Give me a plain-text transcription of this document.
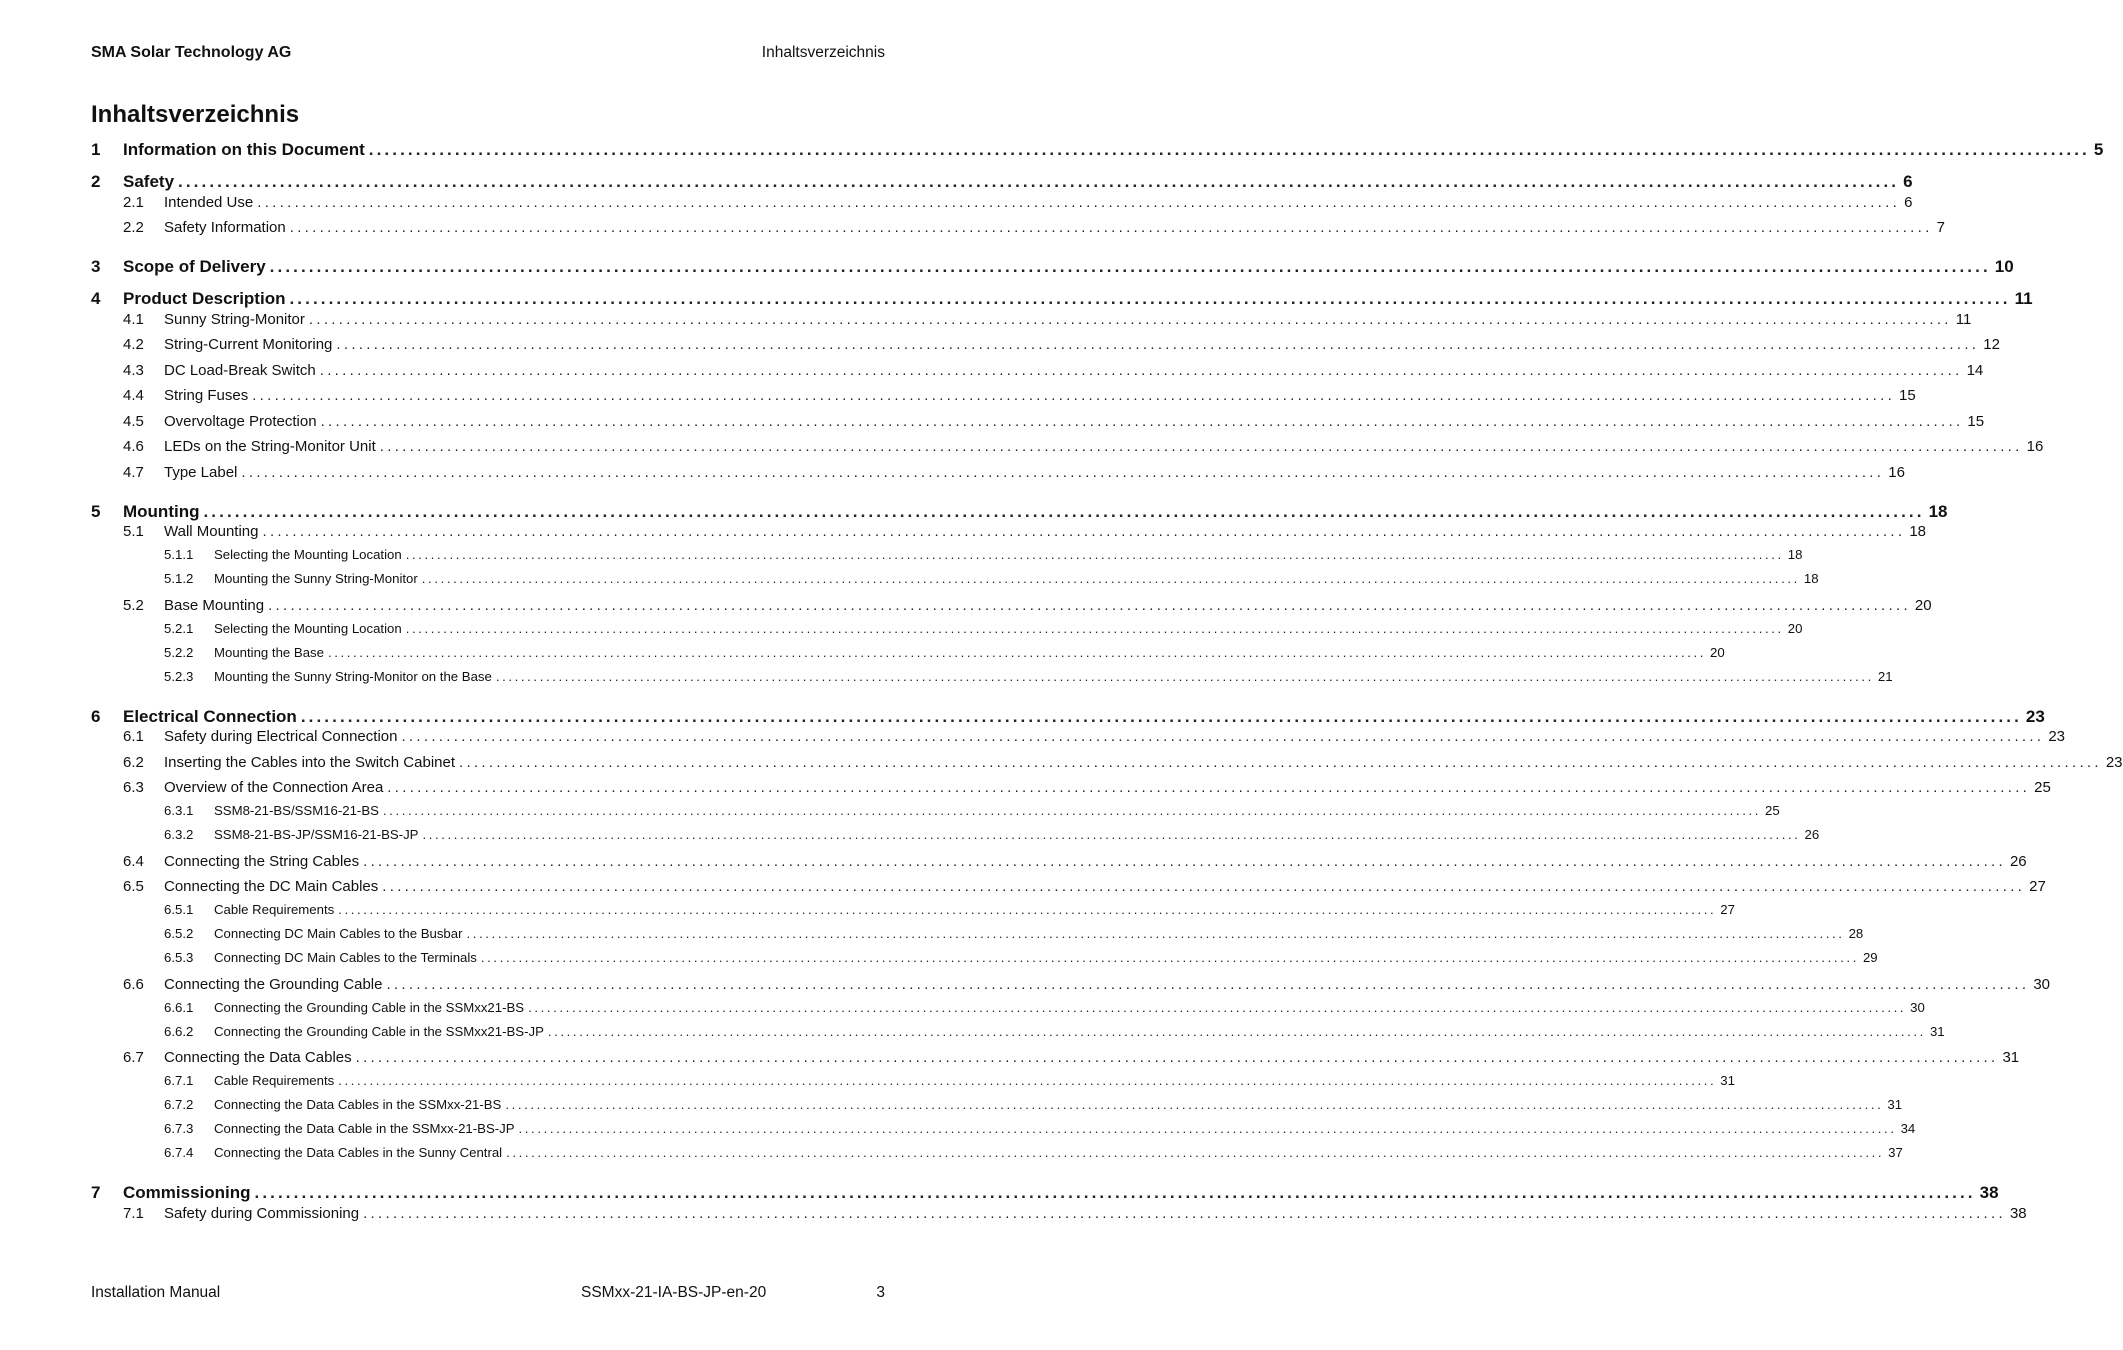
SMA Solar Technology AG	Inhaltsverzeichnis
Inhaltsverzeichnis
1	Information on this Document ............................................................................................................................................................................................................................ 5
2	Safety ............................................................................................................................................................................................................................ 6
2.1	Intended Use ............................................................................................................................................................................................................................ 6
2.2	Safety Information ............................................................................................................................................................................................................................ 7
3	Scope of Delivery ............................................................................................................................................................................................................................ 10
4	Product Description ............................................................................................................................................................................................................................ 11
4.1	Sunny String-Monitor ............................................................................................................................................................................................................................ 11
4.2	String-Current Monitoring ............................................................................................................................................................................................................................ 12
4.3	DC Load-Break Switch ............................................................................................................................................................................................................................ 14
4.4	String Fuses ............................................................................................................................................................................................................................ 15
4.5	Overvoltage Protection ............................................................................................................................................................................................................................ 15
4.6	LEDs on the String-Monitor Unit ............................................................................................................................................................................................................................ 16
4.7	Type Label ............................................................................................................................................................................................................................ 16
5	Mounting ............................................................................................................................................................................................................................ 18
5.1	Wall Mounting ............................................................................................................................................................................................................................ 18
5.1.1	Selecting the Mounting Location ............................................................................................................................................................................................................................ 18
5.1.2	Mounting the Sunny String-Monitor ............................................................................................................................................................................................................................ 18
5.2	Base Mounting ............................................................................................................................................................................................................................ 20
5.2.1	Selecting the Mounting Location ............................................................................................................................................................................................................................ 20
5.2.2	Mounting the Base ............................................................................................................................................................................................................................ 20
5.2.3	Mounting the Sunny String-Monitor on the Base ............................................................................................................................................................................................................................ 21
6	Electrical Connection ............................................................................................................................................................................................................................ 23
6.1	Safety during Electrical Connection ............................................................................................................................................................................................................................ 23
6.2	Inserting the Cables into the Switch Cabinet ............................................................................................................................................................................................................................ 23
6.3	Overview of the Connection Area ............................................................................................................................................................................................................................ 25
6.3.1	SSM8-21-BS/SSM16-21-BS ............................................................................................................................................................................................................................ 25
6.3.2	SSM8-21-BS-JP/SSM16-21-BS-JP ............................................................................................................................................................................................................................ 26
6.4	Connecting the String Cables ............................................................................................................................................................................................................................ 26
6.5	Connecting the DC Main Cables ............................................................................................................................................................................................................................ 27
6.5.1	Cable Requirements ............................................................................................................................................................................................................................ 27
6.5.2	Connecting DC Main Cables to the Busbar ............................................................................................................................................................................................................................ 28
6.5.3	Connecting DC Main Cables to the Terminals ............................................................................................................................................................................................................................ 29
6.6	Connecting the Grounding Cable ............................................................................................................................................................................................................................ 30
6.6.1	Connecting the Grounding Cable in the SSMxx21-BS ............................................................................................................................................................................................................................ 30
6.6.2	Connecting the Grounding Cable in the SSMxx21-BS-JP ............................................................................................................................................................................................................................ 31
6.7	Connecting the Data Cables ............................................................................................................................................................................................................................ 31
6.7.1	Cable Requirements ............................................................................................................................................................................................................................ 31
6.7.2	Connecting the Data Cables in the SSMxx-21-BS ............................................................................................................................................................................................................................ 31
6.7.3	Connecting the Data Cable in the SSMxx-21-BS-JP ............................................................................................................................................................................................................................ 34
6.7.4	Connecting the Data Cables in the Sunny Central ............................................................................................................................................................................................................................ 37
7	Commissioning ............................................................................................................................................................................................................................ 38
7.1	Safety during Commissioning ............................................................................................................................................................................................................................ 38
Installation Manual	SSMxx-21-IA-BS-JP-en-20	3
